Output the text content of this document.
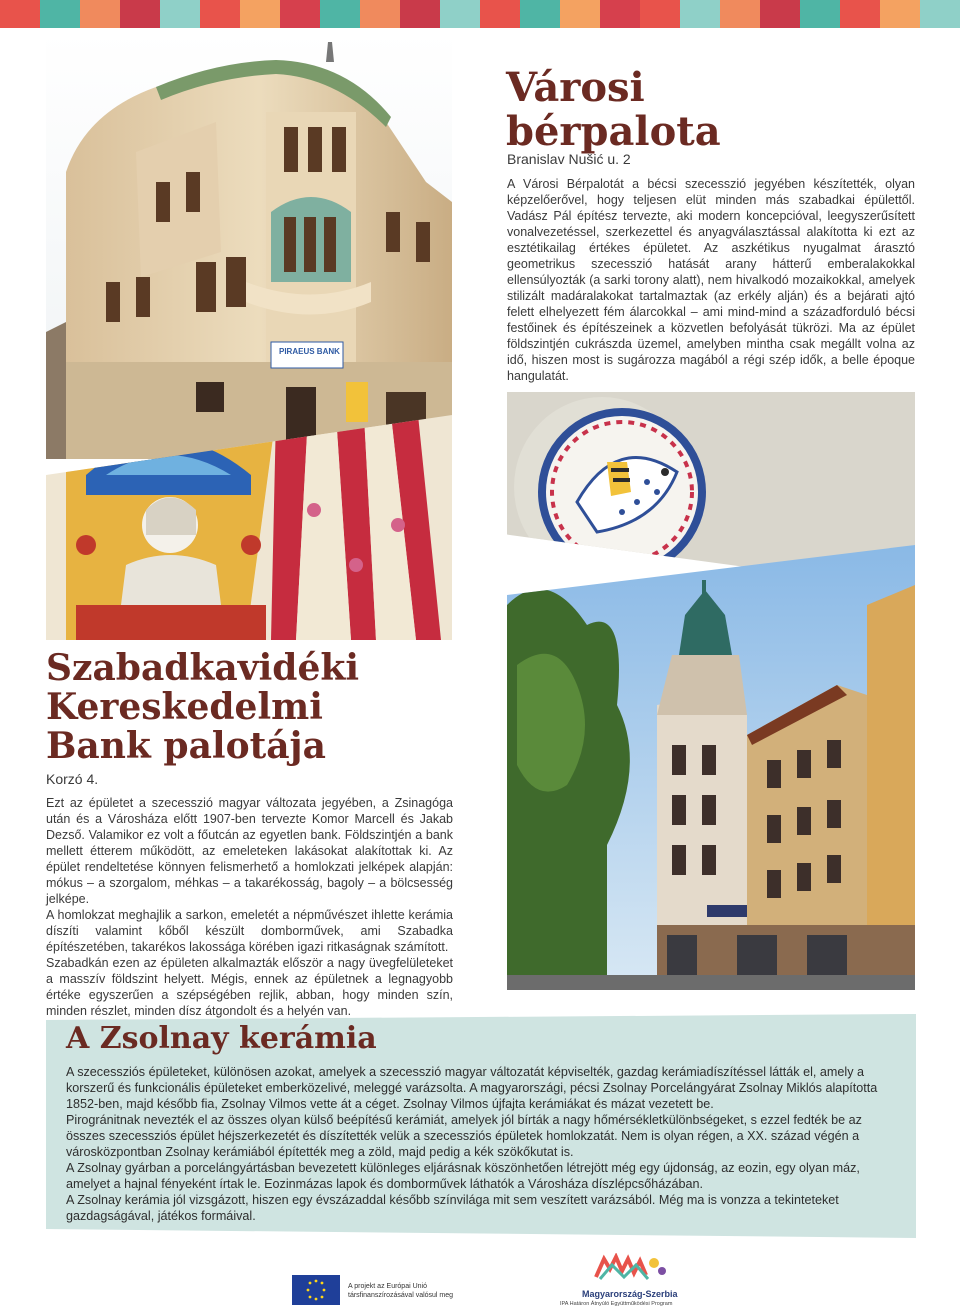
PIRAEUS BANK
Városi
bérpalota
Branislav Nušić u. 2
A Városi Bérpalotát a bécsi szecesszió jegyében készítették, olyan képzelőerővel, hogy teljesen elüt minden más szabadkai épülettől. Vadász Pál építész tervezte, aki modern koncepcióval, leegyszerűsített vonalvezetéssel, szerkezettel és anyagválasztással alakította ki ezt az esztétikailag értékes épületet. Az aszkétikus nyugalmat árasztó geometrikus szecesszió hatását arany hátterű emberalakokkal ellensúlyozták (a sarki torony alatt), nem hivalkodó mozaikokkal, amelyek stilizált madáralakokat tartalmaztak (az erkély alján) és a bejárati ajtó felett elhelyezett fém álarcokkal – ami mind-mind a századforduló bécsi festőinek és építészeinek a közvetlen befolyását tükrözi. Ma az épület földszintjén cukrászda üzemel, amelyben mintha csak megállt volna az idő, hiszen most is sugározza magából a régi szép idők, a belle époque hangulatát.
Szabadkavidéki
Kereskedelmi
Bank palotája
Korzó 4.

Ezt az épületet a szecesszió magyar változata jegyében, a Zsinagóga után és a Városháza előtt 1907-ben tervezte Komor Marcell és Jakab Dezső. Valamikor ez volt a főutcán az egyetlen bank. Földszintjén a bank mellett étterem működött, az emeleteken lakásokat alakítottak ki. Az épület rendeltetése könnyen felismerhető a homlokzati jelképek alapján: mókus – a szorgalom, méhkas – a takarékosság, bagoly – a bölcsesség jelképe.

A homlokzat meghajlik a sarkon, emeletét a népművészet ihlette kerámia díszíti valamint kőből készült domborművek, ami Szabadka építészetében, takarékos lakossága körében igazi ritkaságnak számított.

Szabadkán ezen az épületen alkalmazták először a nagy üvegfelületeket a masszív földszint helyett. Mégis, ennek az épületnek a legnagyobb értéke egyszerűen a szépségében rejlik, abban, hogy minden szín, minden részlet, minden dísz átgondolt és a helyén van.

A Zsolnay kerámia

A szecessziós épületeket, különösen azokat, amelyek a szecesszió magyar változatát képviselték, gazdag kerámiadíszítéssel látták el, amely a korszerű és funkcionális épületeket emberközelivé, meleggé varázsolta. A magyarországi, pécsi Zsolnay Porcelángyárat Zsolnay Miklós alapította 1852-ben, majd később fia, Zsolnay Vilmos vette át a céget. Zsolnay Vilmos újfajta kerámiákat és mázat vezetett be.

Pirogránitnak nevezték el az összes olyan külső beépítésű kerámiát, amelyek jól bírták a nagy hőmérsékletkülönbségeket, s ezzel fedték be az összes szecessziós épület héjszerkezetét és díszítették velük a szecessziós épületek homlokzatát. Nem is olyan régen, a XX. század végén a városközpontban Zsolnay kerámiából építették meg a zöld, majd pedig a kék szökőkutat is.

A Zsolnay gyárban a porcelángyártásban bevezetett különleges eljárásnak köszönhetően létrejött még egy újdonság, az eozin, egy olyan máz, amelyet a hajnal fényeként írtak le. Eozinmázas lapok és domborművek láthatók a Városháza díszlépcsőházában.

A Zsolnay kerámia jól vizsgázott, hiszen egy évszázaddal később színvilága mit sem veszített varázsából. Még ma is vonzza a tekinteteket gazdagságával, játékos formáival.

A projekt az Európai Unió
társfinanszírozásával valósul meg	Magyarország-Szerbia
IPA Határon Átnyúló Együttműködési Program
